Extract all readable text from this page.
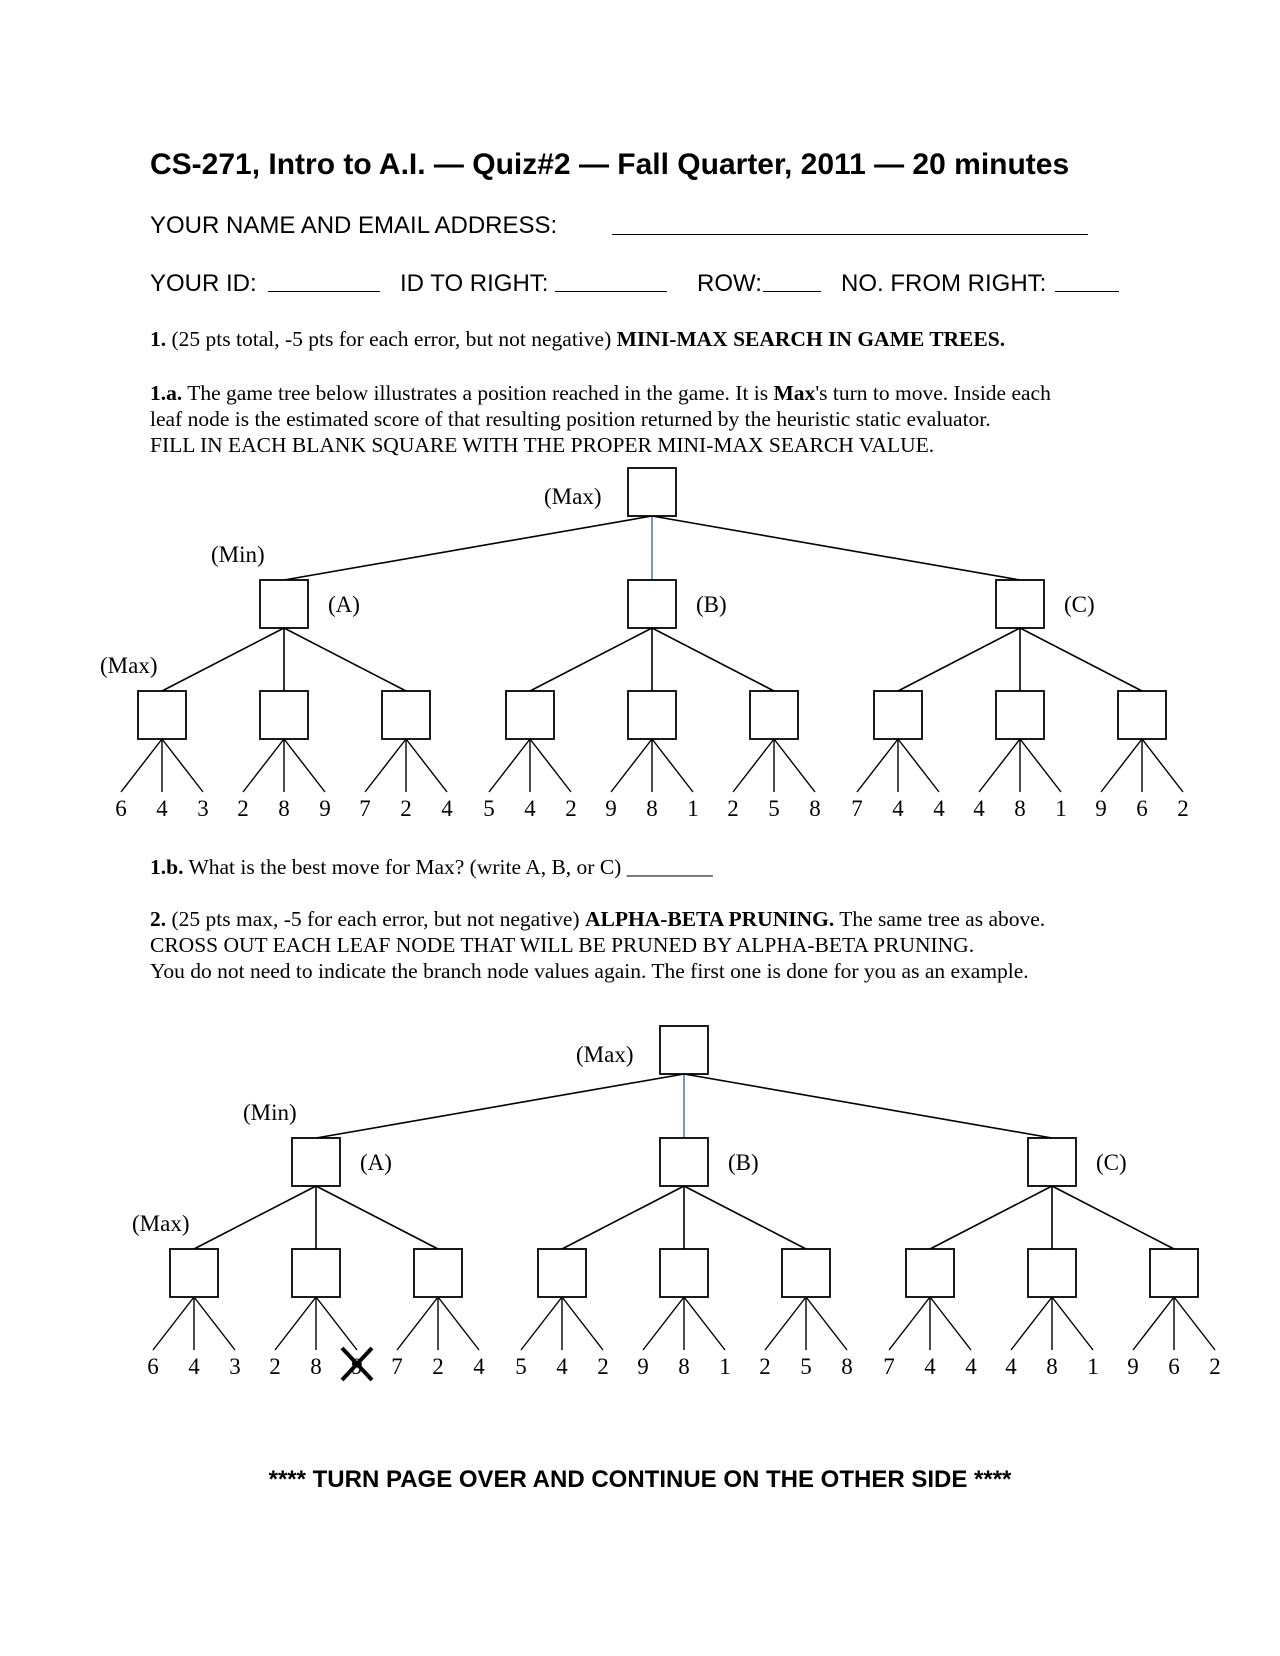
CS-271, Intro to A.I. — Quiz#2 — Fall Quarter, 2011 — 20 minutes
YOUR NAME AND EMAIL ADDRESS:
YOUR ID:	ID TO RIGHT:	ROW:	NO. FROM RIGHT:
1. (25 pts total, -5 pts for each error, but not negative) MINI-MAX SEARCH IN GAME TREES.
1.a. The game tree below illustrates a position reached in the game. It is Max's turn to move. Inside each
leaf node is the estimated score of that resulting position returned by the heuristic static evaluator.
FILL IN EACH BLANK SQUARE WITH THE PROPER MINI-MAX SEARCH VALUE.
6 4 3 2 8 9 7 2 4 5 4 2 9 8 1 2 5 8 7 4 4 4 8 1 9 6 2
(Max)
(Min)
(Max)
(A)	(B)	(C)
1.b. What is the best move for Max? (write A, B, or C) ________
2. (25 pts max, -5 for each error, but not negative) ALPHA-BETA PRUNING. The same tree as above.
CROSS OUT EACH LEAF NODE THAT WILL BE PRUNED BY ALPHA-BETA PRUNING.
You do not need to indicate the branch node values again. The first one is done for you as an example.
6 4 3 2 8	7 2 4 5 4 2 9 8 1 2 5 8 7 4 4 4 8 1 9 6 2
(Max)
(Min)
(Max)
(A)	(B)	(C)
**** TURN PAGE OVER AND CONTINUE ON THE OTHER SIDE ****
